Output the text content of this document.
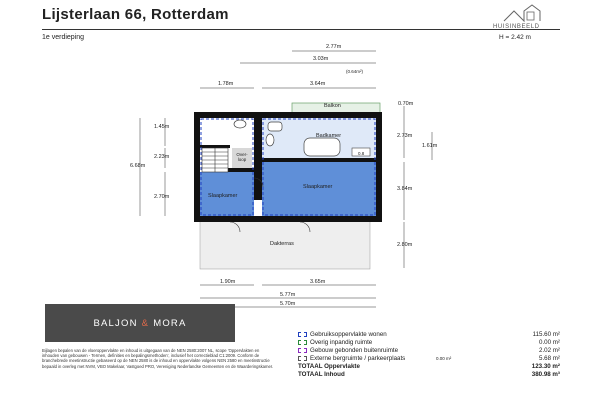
Lijsterlaan 66, Rotterdam
1e verdieping	H = 2.42 m
Balkon
Badkamer
Over-loop
Slaapkamer
Slaapkamer
Dakterras
2.77m
3.03m
(0.64m²)
1.78m	3.64m
0.70m
1.45m
2.23m
2.70m
6.68m
2.73m
1.61m
3.84m
2.80m
0.8
1.90m	3.65m
5.77m
5.70m
HUISINBEELD
BALJON & MORA
Bijlagen bepalen van de vloeroppervlakte en inhoud is uitgegaan van de NEN 2580:2007 NL, scope 'Oppervlakten en inhouden van gebouwen - Termen, definities en bepalingsmethoden', inclusief het correctieblad C1:2009. Conform de branchebrede meetinstructie gebaseerd op de NEN 2580 is de inhoud en oppervlakte volgens NEN 2580 en meetinstructie bepaald in overleg met NVM, VBO Makelaar, Vastgoed PRO, Vereniging Nederlandse Gemeenten en de Waarderingskamer.
Gebruiksoppervlakte wonen	115.60 m²
Overig inpandig ruimte	0.00 m²
Gebouw gebonden buitenruimte	2.02 m²
Externe bergruimte / parkeerplaats	0.00 m²	5.68 m²
TOTAAL Oppervlakte	123.30 m²
TOTAAL Inhoud	380.98 m³
